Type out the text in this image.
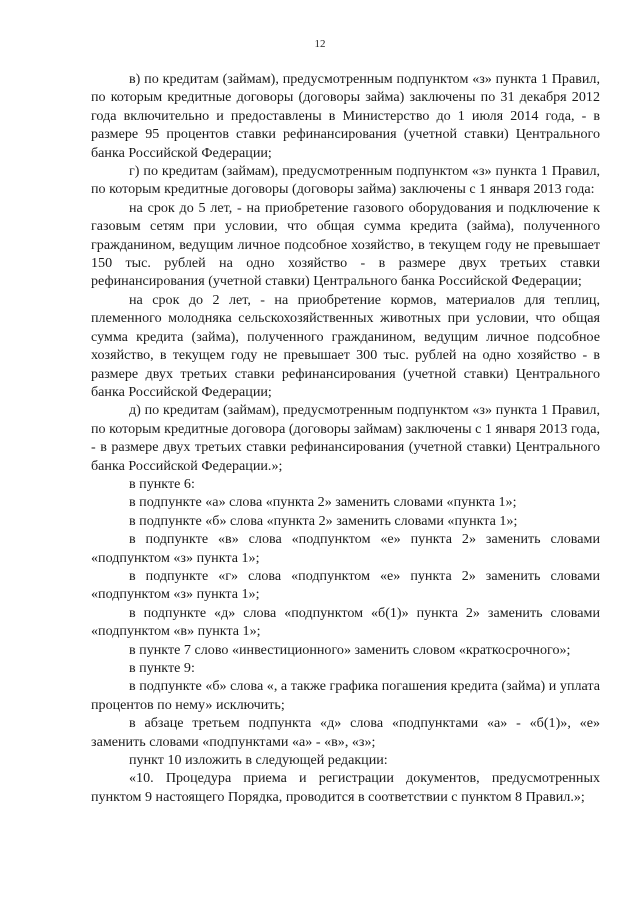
12

в) по кредитам (займам), предусмотренным подпунктом «з» пункта 1 Правил, по которым кредитные договоры (договоры займа) заключены по 31 декабря 2012 года включительно и предоставлены в Министерство до 1 июля 2014 года, - в размере 95 процентов ставки рефинансирования (учетной ставки) Центрального банка Российской Федерации;

г) по кредитам (займам), предусмотренным подпунктом «з» пункта 1 Правил, по которым кредитные договоры (договоры займа) заключены с 1 января 2013 года:

на срок до 5 лет, - на приобретение газового оборудования и подключение к газовым сетям при условии, что общая сумма кредита (займа), полученного гражданином, ведущим личное подсобное хозяйство, в текущем году не превышает 150 тыс. рублей на одно хозяйство - в размере двух третьих ставки рефинансирования (учетной ставки) Центрального банка Российской Федерации;

на срок до 2 лет, - на приобретение кормов, материалов для теплиц, племенного молодняка сельскохозяйственных животных при условии, что общая сумма кредита (займа), полученного гражданином, ведущим личное подсобное хозяйство, в текущем году не превышает 300 тыс. рублей на одно хозяйство - в размере двух третьих ставки рефинансирования (учетной ставки) Центрального банка Российской Федерации;

д) по кредитам (займам), предусмотренным подпунктом «з» пункта 1 Правил, по которым кредитные договора (договоры займам) заключены с 1 января 2013 года, - в размере двух третьих ставки рефинансирования (учетной ставки) Центрального банка Российской Федерации.»;

в пункте 6:

в подпункте «а» слова «пункта 2» заменить словами «пункта 1»;

в подпункте «б» слова «пункта 2» заменить словами «пункта 1»;

в подпункте «в» слова «подпунктом «е» пункта 2» заменить словами «подпунктом «з» пункта 1»;

в подпункте «г» слова «подпунктом «е» пункта 2» заменить словами «подпунктом «з» пункта 1»;

в подпункте «д» слова «подпунктом «б(1)» пункта 2» заменить словами «подпунктом «в» пункта 1»;

в пункте 7 слово «инвестиционного» заменить словом «краткосрочного»;

в пункте 9:

в подпункте «б» слова «, а также графика погашения кредита (займа) и уплата процентов по нему» исключить;

в абзаце третьем подпункта «д» слова «подпунктами «а» - «б(1)», «е» заменить словами «подпунктами «а» - «в», «з»;

пункт 10 изложить в следующей редакции:

«10. Процедура приема и регистрации документов, предусмотренных пунктом 9 настоящего Порядка, проводится в соответствии с пунктом 8 Правил.»;
